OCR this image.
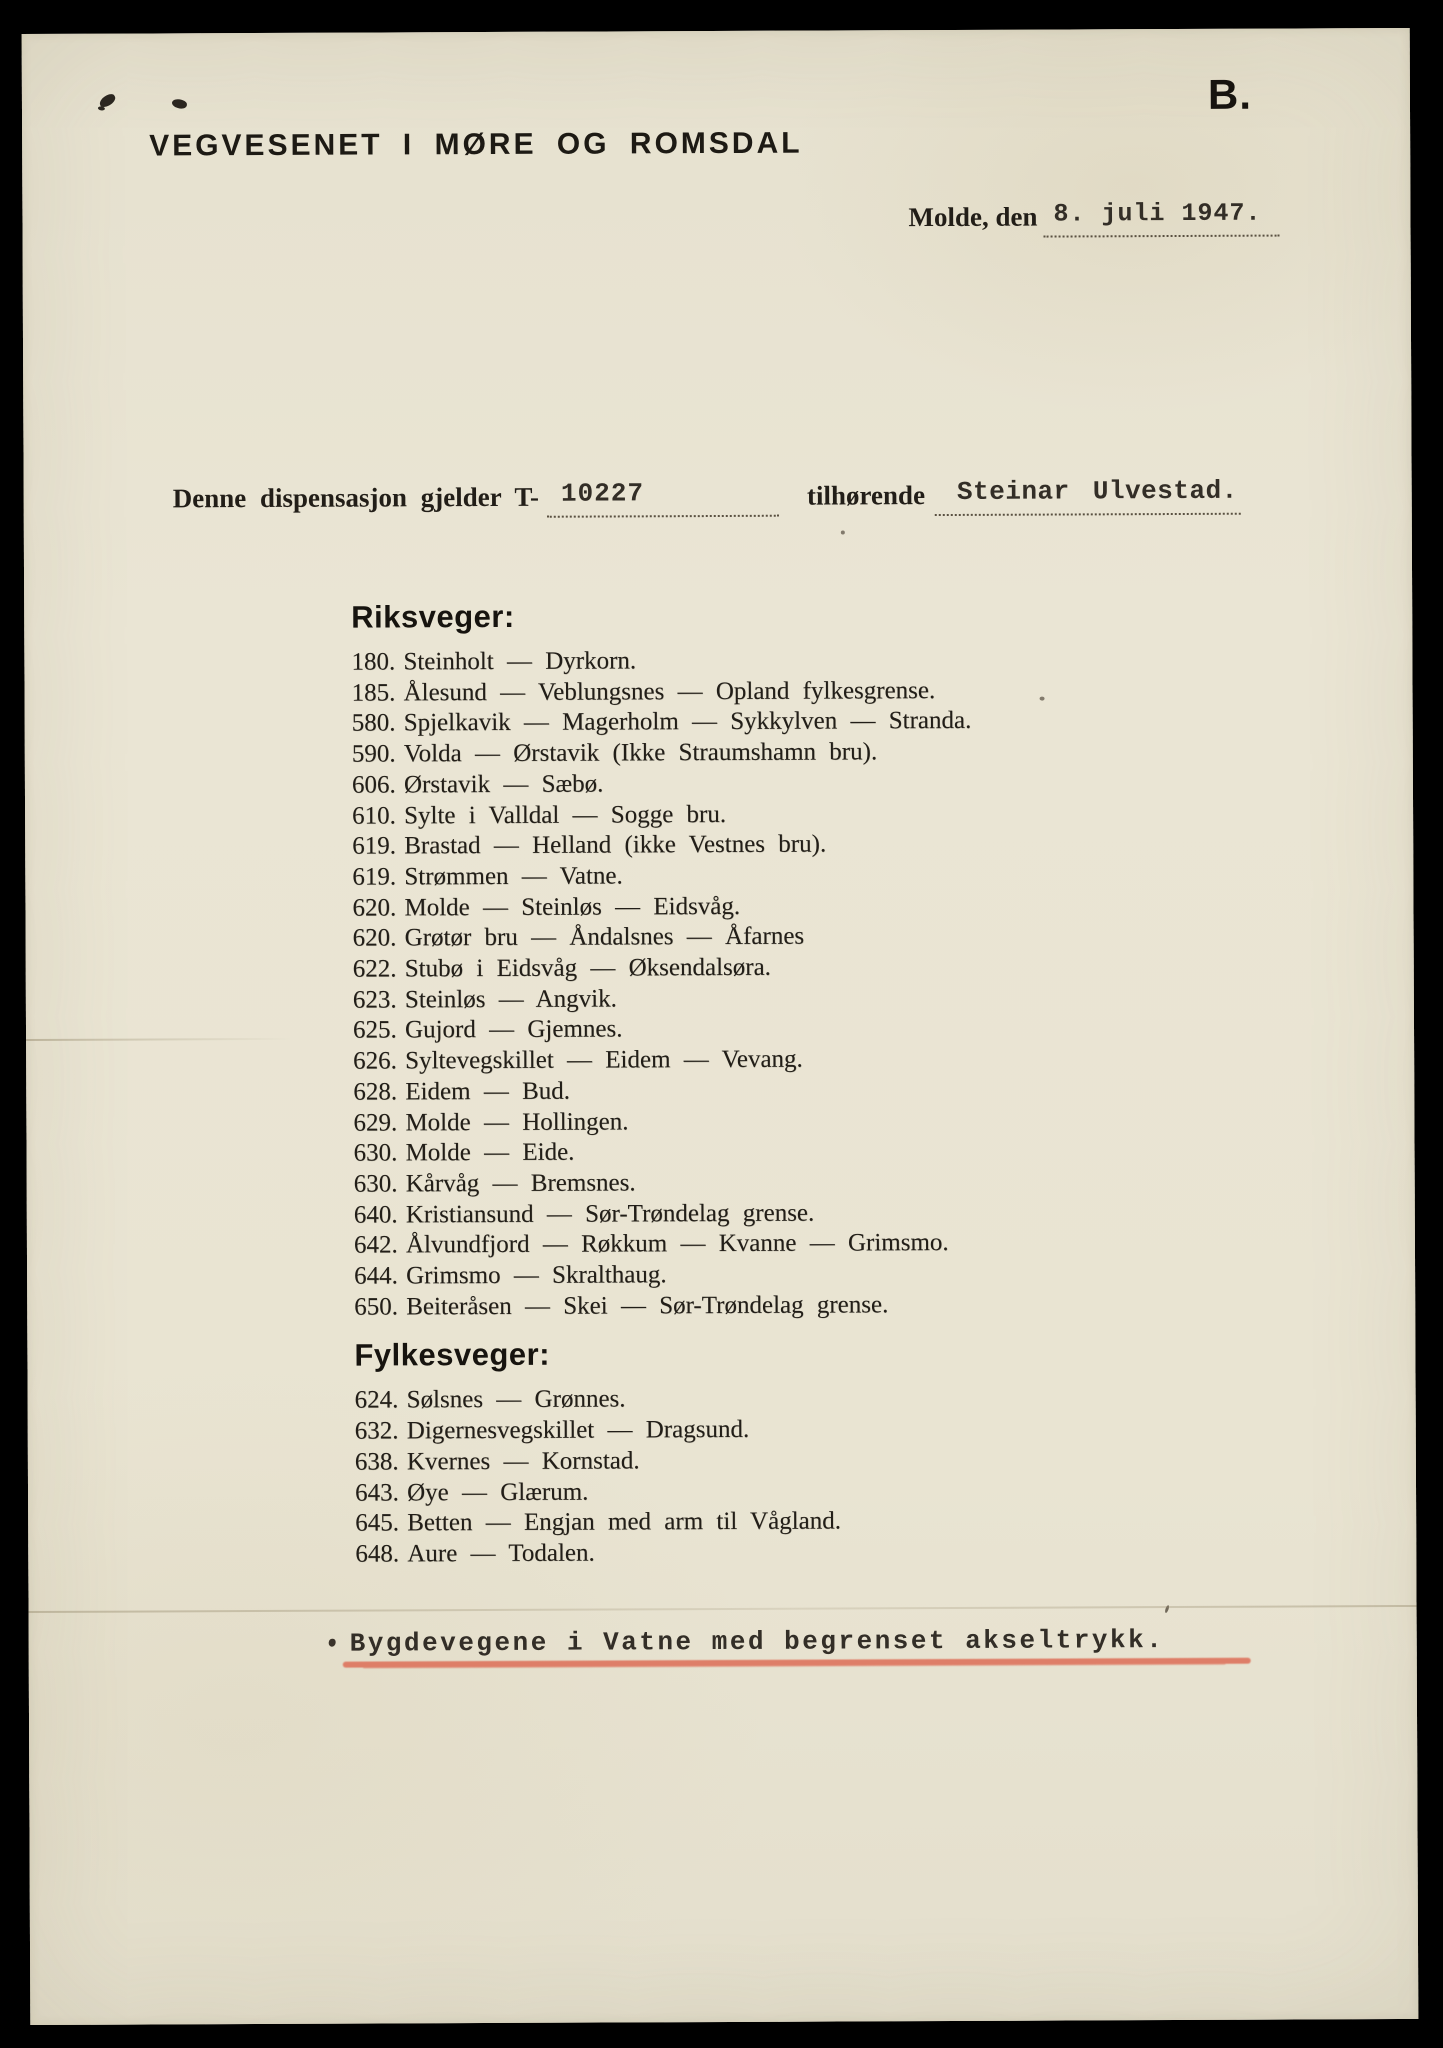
B.
VEGVESENET I MØRE OG ROMSDAL
Molde, den 8. juli 1947.
Denne dispensasjon gjelder T- 10227	tilhørende Steinar Ulvestad.
Riksveger:
180. Steinholt — Dyrkorn.
185. Ålesund — Veblungsnes — Opland fylkesgrense.
580. Spjelkavik — Magerholm — Sykkylven — Stranda.
590. Volda — Ørstavik (Ikke Straumshamn bru).
606. Ørstavik — Sæbø.
610. Sylte i Valldal — Sogge bru.
619. Brastad — Helland (ikke Vestnes bru).
619. Strømmen — Vatne.
620. Molde — Steinløs — Eidsvåg.
620. Grøtør bru — Åndalsnes — Åfarnes
622. Stubø i Eidsvåg — Øksendalsøra.
623. Steinløs — Angvik.
625. Gujord — Gjemnes.
626. Syltevegskillet — Eidem — Vevang.
628. Eidem — Bud.
629. Molde — Hollingen.
630. Molde — Eide.
630. Kårvåg — Bremsnes.
640. Kristiansund — Sør-Trøndelag grense.
642. Ålvundfjord — Røkkum — Kvanne — Grimsmo.
644. Grimsmo — Skralthaug.
650. Beiteråsen — Skei — Sør-Trøndelag grense.
Fylkesveger:
624. Sølsnes — Grønnes.
632. Digernesvegskillet — Dragsund.
638. Kvernes — Kornstad.
643. Øye — Glærum.
645. Betten — Engjan med arm til Vågland.
648. Aure — Todalen.
Bygdevegene i Vatne med begrenset akseltrykk.
